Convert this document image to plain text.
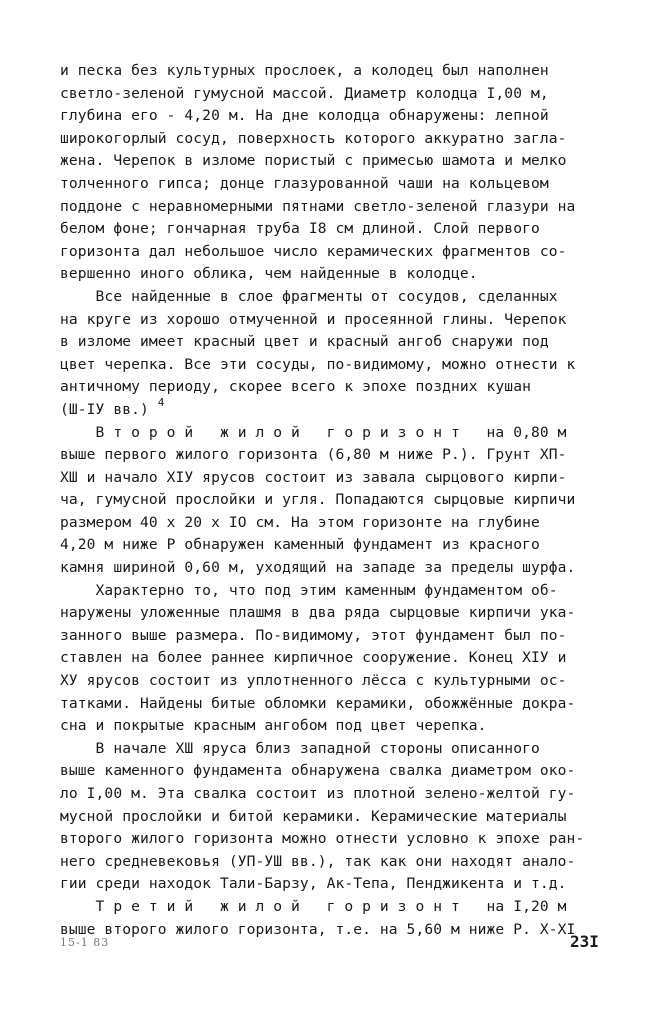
и песка без культурных прослоек, а колодец был наполнен
светло-зеленой гумусной массой. Диаметр колодца I,00 м,
глубина его - 4,20 м. На дне колодца обнаружены: лепной
широкогорлый сосуд, поверхность которого аккуратно загла-
жена. Черепок в изломе пористый с примесью шамота и мелко
толченного гипса; донце глазурованной чаши на кольцевом
поддоне с неравномерными пятнами светло-зеленой глазури на
белом фоне; гончарная труба I8 см длиной. Слой первого
горизонта дал небольшое число керамических фрагментов со-
вершенно иного облика, чем найденные в колодце.
Все найденные в слое фрагменты от сосудов, сделанных
на круге из хорошо отмученной и просеянной глины. Черепок
в изломе имеет красный цвет и красный ангоб снаружи под
цвет черепка. Все эти сосуды, по-видимому, можно отнести к
античному периоду, скорее всего к эпохе поздних кушан
(Ш-IУ вв.) $^4$
В т о р о й   ж и л о й   г о р и з о н т   на 0,80 м
выше первого жилого горизонта (6,80 м ниже Р.). Грунт ХП-
ХШ и начало XIУ ярусов состоит из завала сырцового кирпи-
ча, гумусной прослойки и угля. Попадаются сырцовые кирпичи
размером 40 х 20 х IO см. На этом горизонте на глубине
4,20 м ниже Р обнаружен каменный фундамент из красного
камня шириной 0,60 м, уходящий на западе за пределы шурфа.
Характерно то, что под этим каменным фундаментом об-
наружены уложенные плашмя в два ряда сырцовые кирпичи ука-
занного выше размера. По-видимому, этот фундамент был по-
ставлен на более раннее кирпичное сооружение. Конец XIУ и
ХУ ярусов состоит из уплотненного лёсса с культурными ос-
татками. Найдены битые обломки керамики, обожжённые докра-
сна и покрытые красным ангобом под цвет черепка.
В начале ХШ яруса близ западной стороны описанного
выше каменного фундамента обнаружена свалка диаметром око-
ло I,00 м. Эта свалка состоит из плотной зелено-желтой гу-
мусной прослойки и битой керамики. Керамические материалы
второго жилого горизонта можно отнести условно к эпохе ран-
него средневековья (УП-УШ вв.), так как они находят анало-
гии среди находок Тали-Барзу, Ак-Тепа, Пенджикента и т.д.
Т р е т и й   ж и л о й   г о р и з о н т   на I,20 м
выше второго жилого горизонта, т.е. на 5,60 м ниже Р. X-XI
15-1 83	23I
